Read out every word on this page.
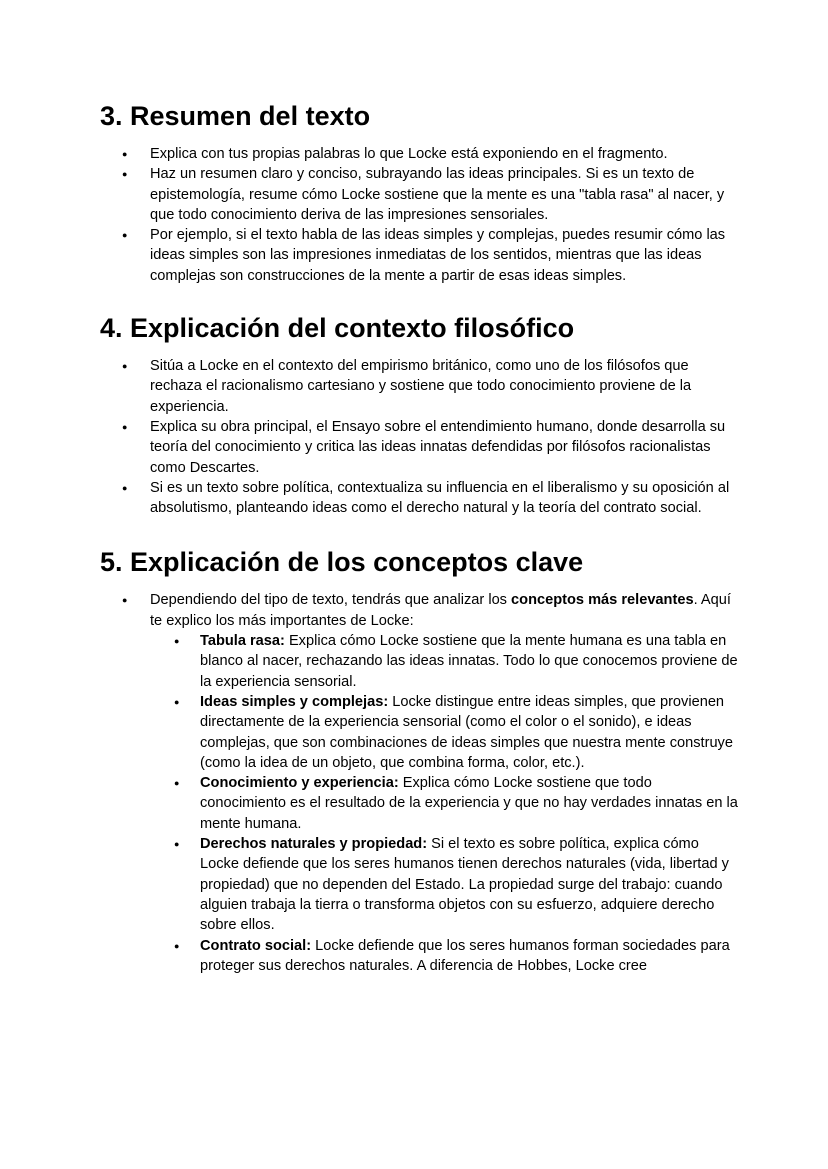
3. Resumen del texto
● Explica con tus propias palabras lo que Locke está exponiendo en el fragmento.
● Haz un resumen claro y conciso, subrayando las ideas principales. Si es un texto de epistemología, resume cómo Locke sostiene que la mente es una "tabla rasa" al nacer, y que todo conocimiento deriva de las impresiones sensoriales.
● Por ejemplo, si el texto habla de las ideas simples y complejas, puedes resumir cómo las ideas simples son las impresiones inmediatas de los sentidos, mientras que las ideas complejas son construcciones de la mente a partir de esas ideas simples.
4. Explicación del contexto filosófico
● Sitúa a Locke en el contexto del empirismo británico, como uno de los filósofos que rechaza el racionalismo cartesiano y sostiene que todo conocimiento proviene de la experiencia.
● Explica su obra principal, el Ensayo sobre el entendimiento humano, donde desarrolla su teoría del conocimiento y critica las ideas innatas defendidas por filósofos racionalistas como Descartes.
● Si es un texto sobre política, contextualiza su influencia en el liberalismo y su oposición al absolutismo, planteando ideas como el derecho natural y la teoría del contrato social.
5. Explicación de los conceptos clave
● Dependiendo del tipo de texto, tendrás que analizar los conceptos más relevantes. Aquí te explico los más importantes de Locke:
● Tabula rasa: Explica cómo Locke sostiene que la mente humana es una tabla en blanco al nacer, rechazando las ideas innatas. Todo lo que conocemos proviene de la experiencia sensorial.
● Ideas simples y complejas: Locke distingue entre ideas simples, que provienen directamente de la experiencia sensorial (como el color o el sonido), e ideas complejas, que son combinaciones de ideas simples que nuestra mente construye (como la idea de un objeto, que combina forma, color, etc.).
● Conocimiento y experiencia: Explica cómo Locke sostiene que todo conocimiento es el resultado de la experiencia y que no hay verdades innatas en la mente humana.
● Derechos naturales y propiedad: Si el texto es sobre política, explica cómo Locke defiende que los seres humanos tienen derechos naturales (vida, libertad y propiedad) que no dependen del Estado. La propiedad surge del trabajo: cuando alguien trabaja la tierra o transforma objetos con su esfuerzo, adquiere derecho sobre ellos.
● Contrato social: Locke defiende que los seres humanos forman sociedades para proteger sus derechos naturales. A diferencia de Hobbes, Locke cree
